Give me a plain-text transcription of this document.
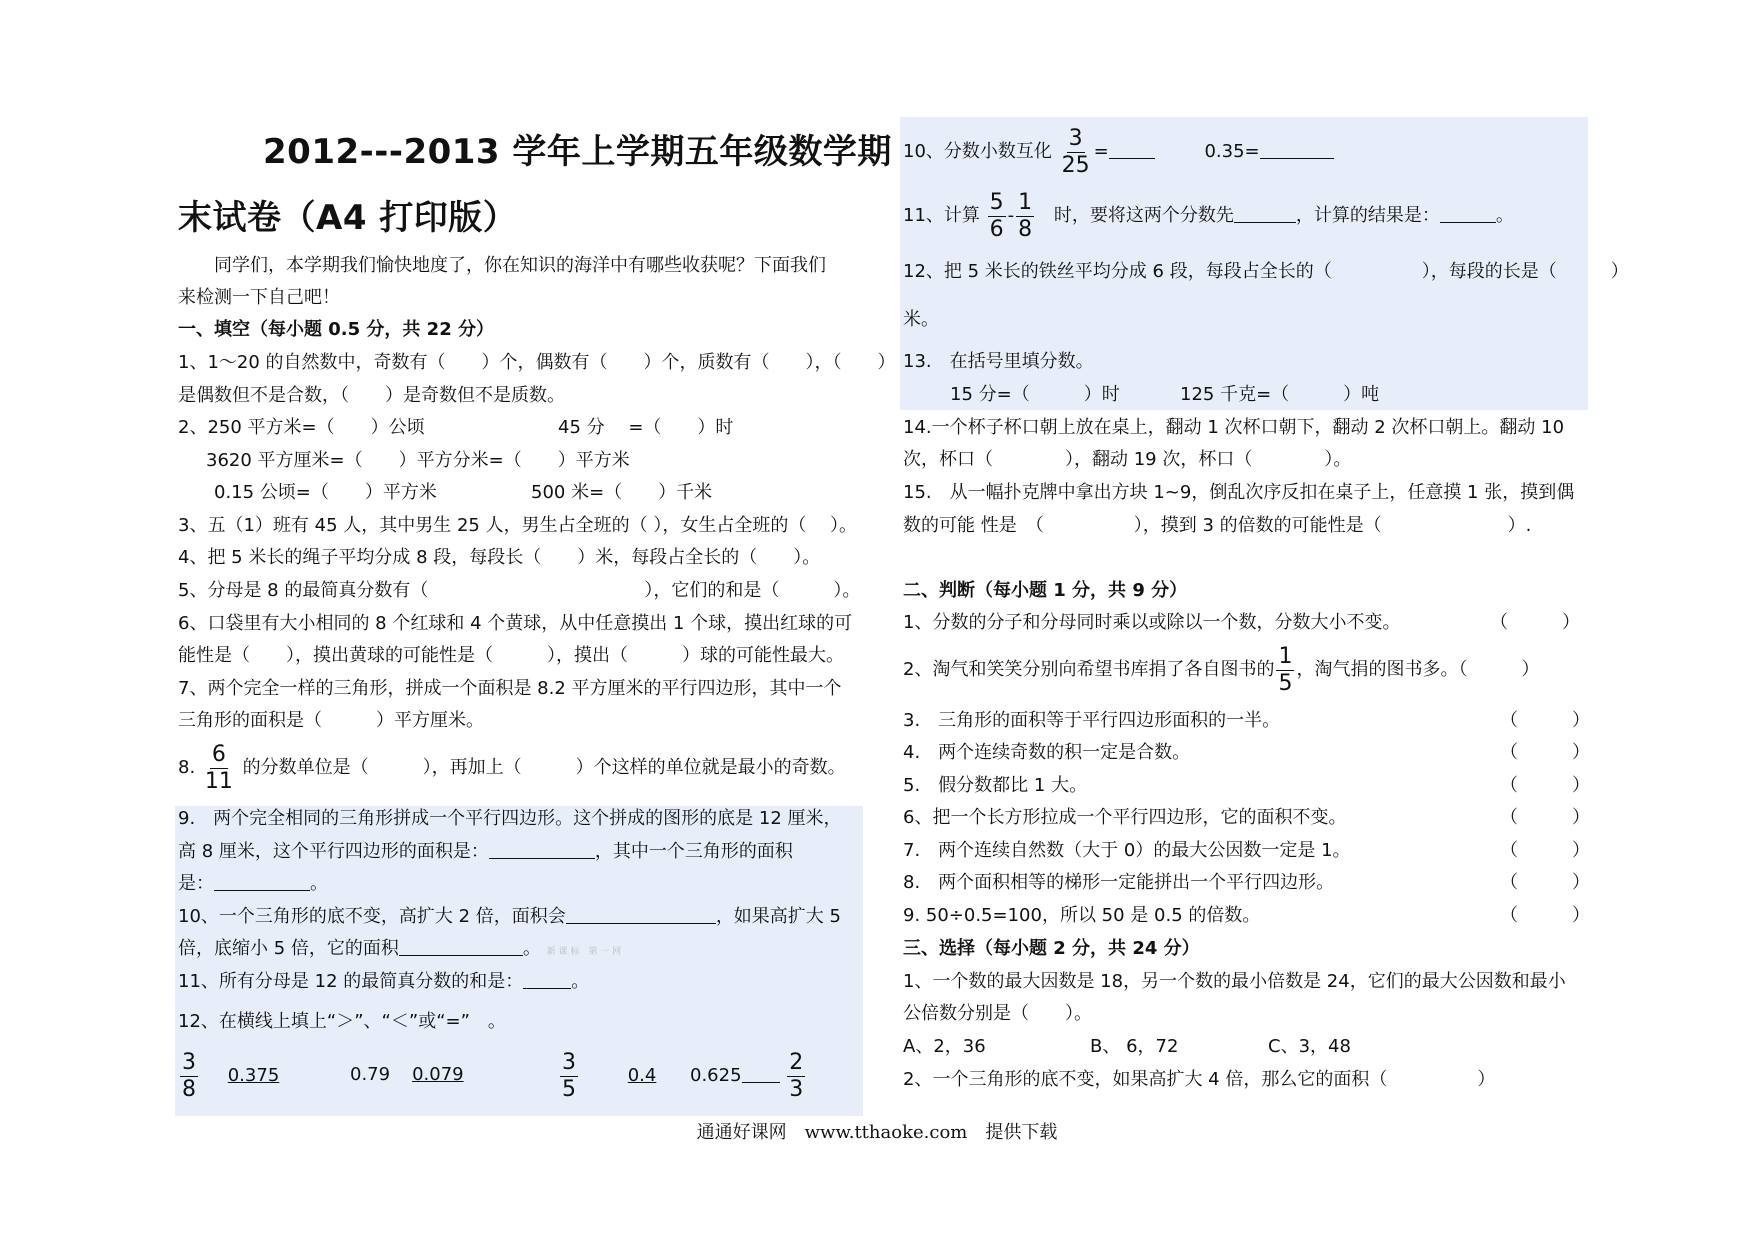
2012---2013 学年上学期五年级数学期
末试卷（A4 打印版）
同学们，本学期我们愉快地度了，你在知识的海洋中有哪些收获呢？下面我们
来检测一下自己吧！
一、填空（每小题 0.5 分，共 22 分）
1、1～20 的自然数中，奇数有（　　）个，偶数有（　　）个，质数有（　　），（　　）
是偶数但不是合数，（　　）是奇数但不是质数。
2、250 平方米=（　　）公顷	45 分　 =（　　）时
3620 平方厘米=（　　）平方分米=（　　）平方米
0.15 公顷=（　　）平方米	500 米=（　　）千米
3、五（1）班有 45 人，其中男生 25 人，男生占全班的（ ），女生占全班的（　 ）。
4、把 5 米长的绳子平均分成 8 段，每段长（　　）米，每段占全长的（　　）。
5、分母是 8 的最简真分数有（　　　　　　　　　　　　），它们的和是（　　　）。
6、口袋里有大小相同的 8 个红球和 4 个黄球，从中任意摸出 1 个球，摸出红球的可
能性是（　　），摸出黄球的可能性是（　　　），摸出（　　　）球的可能性最大。
7、两个完全一样的三角形，拼成一个面积是 8.2 平方厘米的平行四边形，其中一个
三角形的面积是（　　　）平方厘米。
8. $\frac{6}{11}$ 的分数单位是（　　　），再加上（　　　）个这样的单位就是最小的奇数。
9.　两个完全相同的三角形拼成一个平行四边形。这个拼成的图形的底是 12 厘米，
高 8 厘米，这个平行四边形的面积是：	，其中一个三角形的面积
是：	。
10、一个三角形的底不变，高扩大 2 倍，面积会	，如果高扩大 5
倍，底缩小 5 倍，它的面积	。 新 课 标　第 一 网
11、所有分母是 12 的最简真分数的和是：	。
12、在横线上填上“＞”、“＜”或“=”　。
$\frac{3}{8} 0.375$	0.79 0.079	$\frac{3}{5}$	0.4 $0.625 \frac{2}{3}$
10、分数小数互化 $\frac{3}{25}$ =	0.35=
11、计算 $\frac{5}{6} - \frac{1}{8}$ 时，要将这两个分数先	，计算的结果是：	。
12、把 5 米长的铁丝平均分成 6 段，每段占全长的（　　　　　），每段的长是（　　　）
米。
13.　在括号里填分数。
15 分=（　　　）时	125 千克=（　　　）吨
14.一个杯子杯口朝上放在桌上，翻动 1 次杯口朝下，翻动 2 次杯口朝上。翻动 10
次，杯口（　　　　），翻动 19 次，杯口（　　　　）。
15.　从一幅扑克牌中拿出方块 1~9，倒乱次序反扣在桌子上，任意摸 1 张，摸到偶
数的可能 性是　（　　　　　），摸到 3 的倍数的可能性是（　　　　　　　）.
二、判断（每小题 1 分，共 9 分）
1、分数的分子和分母同时乘以或除以一个数，分数大小不变。	（　　　）
2、淘气和笑笑分别向希望书库捐了各自图书的 $\frac{1}{5}$ ，淘气捐的图书多。（　　　）
3.　三角形的面积等于平行四边形面积的一半。	（　　　）
4.　两个连续奇数的积一定是合数。	（　　　）
5.　假分数都比 1 大。	（　　　）
6、把一个长方形拉成一个平行四边形，它的面积不变。	（　　　）
7.　两个连续自然数（大于 0）的最大公因数一定是 1。	（　　　）
8.　两个面积相等的梯形一定能拼出一个平行四边形。	（　　　）
9. 50÷0.5=100，所以 50 是 0.5 的倍数。	（　　　）
三、选择（每小题 2 分，共 24 分）
1、一个数的最大因数是 18，另一个数的最小倍数是 24，它们的最大公因数和最小
公倍数分别是（　　）。
A、2，36	B、 6，72	C、3，48
2、一个三角形的底不变，如果高扩大 4 倍，那么它的面积（　　　　　）
通通好课网　www.tthaoke.com　提供下载
